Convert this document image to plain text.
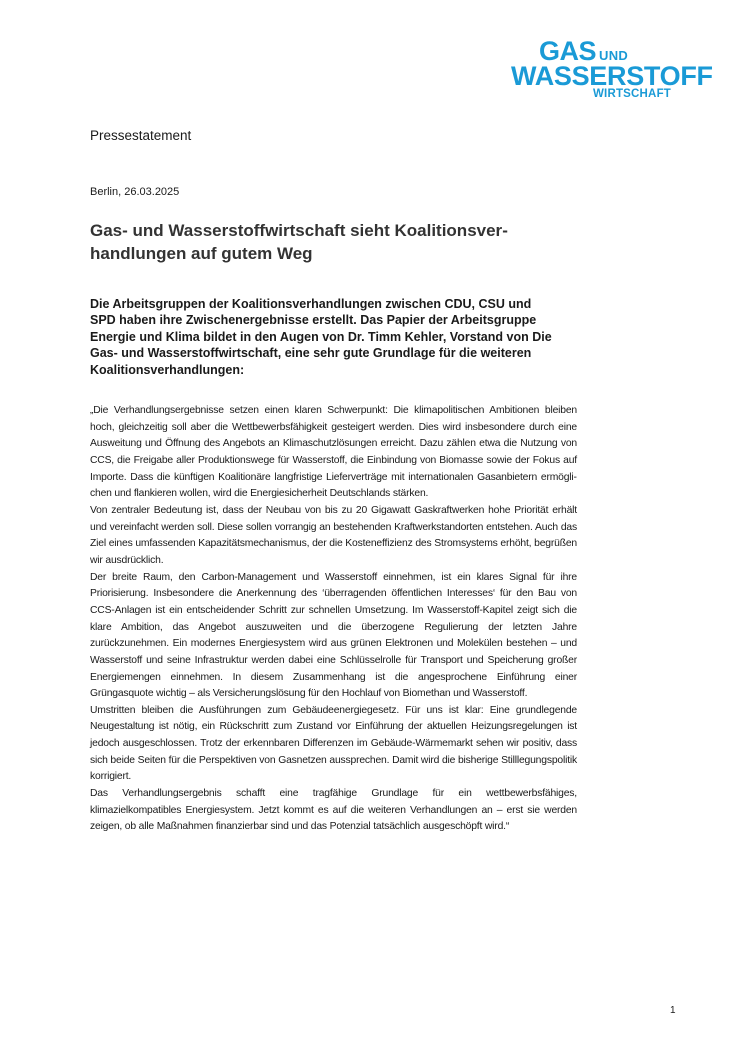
GAS UND
WASSERSTOFF
WIRTSCHAFT

Pressestatement

Berlin, 26.03.2025

Gas- und Wasserstoffwirtschaft sieht Koalitionsverhandlungen auf gutem Weg

Die Arbeitsgruppen der Koalitionsverhandlungen zwischen CDU, CSU und SPD haben ihre Zwischenergebnisse erstellt. Das Papier der Arbeitsgruppe Energie und Klima bildet in den Augen von Dr. Timm Kehler, Vorstand von Die Gas- und Wasserstoffwirtschaft, eine sehr gute Grundlage für die weiteren Koalitionsverhandlungen:

„Die Verhandlungsergebnisse setzen einen klaren Schwerpunkt: Die klimapolitischen Ambitionen bleiben hoch, gleichzeitig soll aber die Wettbewerbsfähigkeit gesteigert werden. Dies wird insbesondere durch eine Ausweitung und Öffnung des Angebots an Klimaschutzlösungen erreicht. Dazu zählen etwa die Nutzung von CCS, die Freigabe aller Produktionswege für Wasserstoff, die Einbindung von Biomasse sowie der Fokus auf Importe. Dass die künftigen Koalitionäre langfristige Lieferverträge mit internationalen Gasanbietern ermöglichen und flankieren wollen, wird die Energiesicherheit Deutschlands stärken.

Von zentraler Bedeutung ist, dass der Neubau von bis zu 20 Gigawatt Gaskraftwerken hohe Priorität erhält und vereinfacht werden soll. Diese sollen vorrangig an bestehenden Kraftwerkstandorten entstehen. Auch das Ziel eines umfassenden Kapazitätsmechanismus, der die Kosteneffizienz des Stromsystems erhöht, begrüßen wir ausdrücklich.

Der breite Raum, den Carbon-Management und Wasserstoff einnehmen, ist ein klares Signal für ihre Priorisierung. Insbesondere die Anerkennung des ‘überragenden öffentlichen Interesses‘ für den Bau von CCS-Anlagen ist ein entscheidender Schritt zur schnellen Umsetzung. Im Wasserstoff-Kapitel zeigt sich die klare Ambition, das Angebot auszuweiten und die überzogene Regulierung der letzten Jahre zurückzunehmen. Ein modernes Energiesystem wird aus grünen Elektronen und Molekülen bestehen – und Wasserstoff und seine Infrastruktur werden dabei eine Schlüsselrolle für Transport und Speicherung großer Energiemengen einnehmen. In diesem Zusammenhang ist die angesprochene Einführung einer Grüngasquote wichtig – als Versicherungslösung für den Hochlauf von Biomethan und Wasserstoff.

Umstritten bleiben die Ausführungen zum Gebäudeenergiegesetz. Für uns ist klar: Eine grundlegende Neugestaltung ist nötig, ein Rückschritt zum Zustand vor Einführung der aktuellen Heizungsregelungen ist jedoch ausgeschlossen. Trotz der erkennbaren Differenzen im Gebäude-Wärmemarkt sehen wir positiv, dass sich beide Seiten für die Perspektiven von Gasnetzen aussprechen. Damit wird die bisherige Stilllegungspolitik korrigiert.

Das Verhandlungsergebnis schafft eine tragfähige Grundlage für ein wettbewerbsfähiges, klimazielkompatibles Energiesystem. Jetzt kommt es auf die weiteren Verhandlungen an – erst sie werden zeigen, ob alle Maßnahmen finanzierbar sind und das Potenzial tatsächlich ausgeschöpft wird.“

1
